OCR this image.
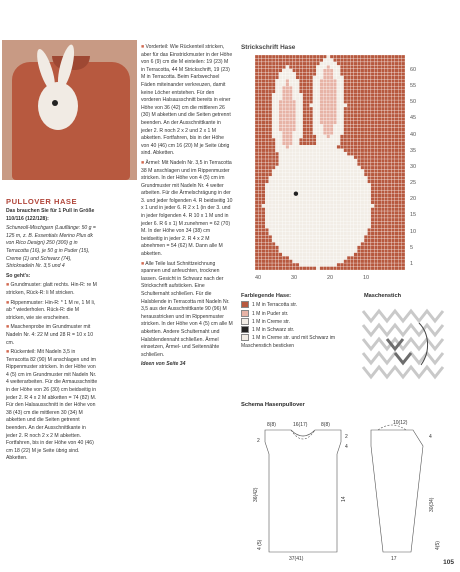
PULLOVER HASE

Das brauchen Sie für 1 Pull in Größe 110/116 (122/128):

Schurwoll-Mischgarn (Lauflänge: 50 g = 125 m, z. B. Essentials Merino Plus dk von Rico Design) 250 (300) g in Terracotta (16), je 50 g in Puder (15), Creme (1) und Schwarz (74), Stricknadeln Nr. 3,5 und 4

So geht's:

■ Grundmuster: glatt rechts. Hin-R: re M stricken, Rück-R: li M stricken.

■ Rippenmuster: Hin-R: * 1 M re, 1 M li, ab * wiederholen. Rück-R: die M stricken, wie sie erscheinen.

■ Maschenprobe im Grundmuster mit Nadeln Nr. 4: 22 M und 28 R = 10 x 10 cm.

■ Rückenteil: Mit Nadeln 3,5 in Terracotta 82 (90) M anschlagen und im Rippenmuster stricken. In der Höhe von 4 (5) cm im Grundmuster mit Nadeln Nr. 4 weiterarbeiten. Für die Armausschnitte in der Höhe von 26 (30) cm beidseitig in jeder 2. R 4 x 2 M abketten = 74 (82) M. Für den Halsausschnitt in der Höhe von 38 (43) cm die mittleren 30 (34) M abketten und die Seiten getrennt beenden. An der Ausschnittkante in jeder 2. R noch 2 x 2 M abketten. Fortfahren, bis in der Höhe von 40 (46) cm 18 (22) M je Seite übrig sind. Abketten.

■ Vorderteil: Wie Rückenteil stricken, aber für das Einstrickmuster in der Höhe von 6 (9) cm die M einteilen: 19 (23) M in Terracotta, 44 M Strickschrift, 19 (23) M in Terracotta. Beim Farbwechsel Fäden miteinander verkreuzen, damit keine Löcher entstehen. Für den vorderen Halsausschnitt bereits in einer Höhe von 36 (42) cm die mittleren 26 (30) M abketten und die Seiten getrennt beenden. An der Ausschnittkante in jeder 2. R noch 2 x 2 und 2 x 1 M abketten. Fortfahren, bis in der Höhe von 40 (46) cm 16 (20) M je Seite übrig sind. Abketten.

■ Ärmel: Mit Nadeln Nr. 3,5 in Terracotta 38 M anschlagen und im Rippenmuster stricken. In der Höhe von 4 (5) cm im Grundmuster mit Nadeln Nr. 4 weiter arbeiten. Für die Ärmelschrägung in der 3. und jeder folgenden 4. R beidseitig 10 x 1 und in jeder 6. R 2 x 1 (in der 3. und in jeder folgenden 4. R 10 x 1 M und in jeder 6. R 6 x 1) M zunehmen = 62 (70) M. In der Höhe von 34 (38) cm beidseitig in jeder 2. R 4 x 2 M abnehmen = 54 (62) M. Dann alle M abketten.

■ Alle Teile laut Schnittzeichnung spannen und anfeuchten, trocknen lassen. Gesicht in Schwarz nach der Strickschrift aufsticken. Eine Schulternaht schließen. Für die Halsblende in Terracotta mit Nadeln Nr. 3,5 aus der Ausschnittkante 90 (96) M herausstricken und im Rippenmuster stricken. In der Höhe von 4 (5) cm alle M abketten. Andere Schulternaht und Halsblendennaht schließen. Ärmel einsetzen, Ärmel- und Seitennähte schließen.

Ideen von Seite 34

Strickschrift Hase
60
55
50
45
40
35
30
25
20
15
10
5
1
40	30	20	10
Farblegende Hase:
1 M in Terracotta str.
1 M in Puder str.
1 M in Creme str.
1 M in Schwarz str.
1 M in Creme str. und mit Schwarz im Maschenstich besticken
Maschenstich
Schema Hasenpullover
8(8)	16(17)	8(8)
2
4
36(42)
2
4 (5)
14
37(41)
10(12)
4
30(34)
4(5)
17	105
